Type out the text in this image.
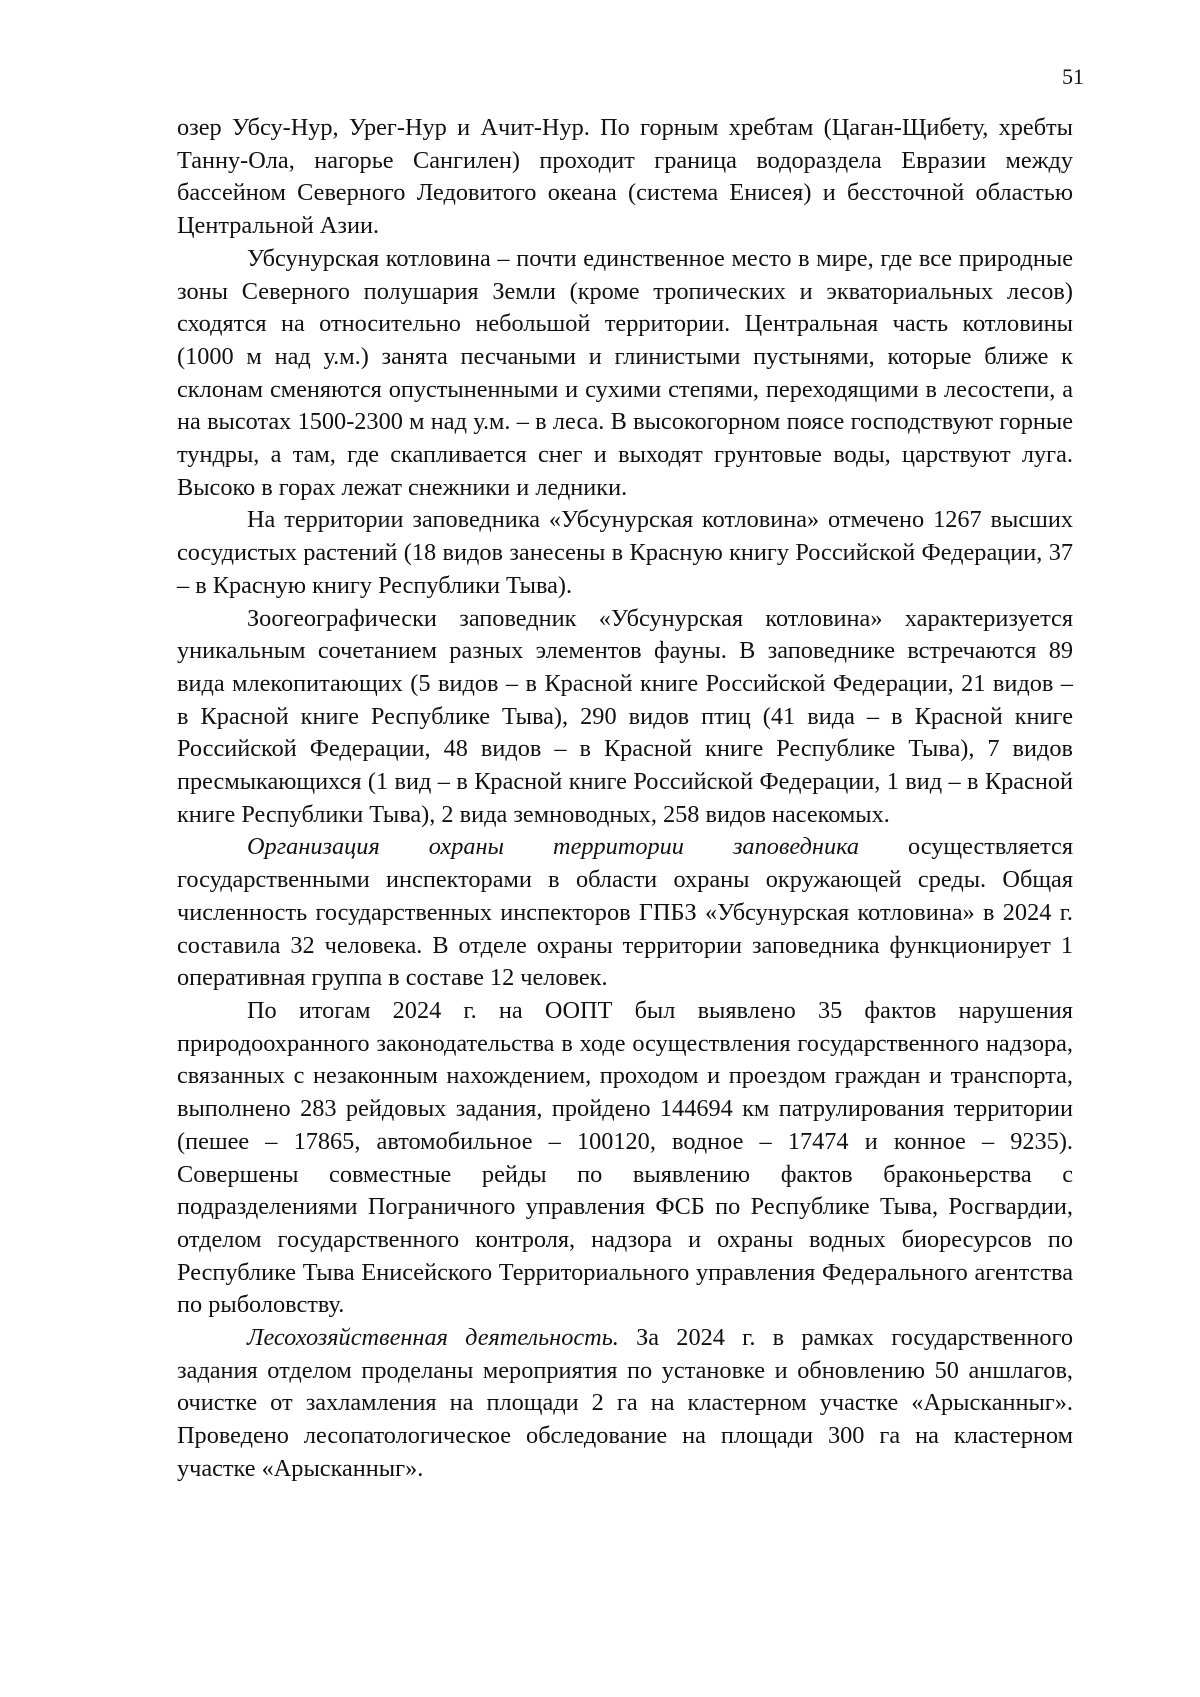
51

озер Убсу-Нур, Урег-Нур и Ачит-Нур. По горным хребтам (Цаган-Щибету, хребты Танну-Ола, нагорье Сангилен) проходит граница водораздела Евразии между бассейном Северного Ледовитого океана (система Енисея) и бессточной областью Центральной Азии.

Убсунурская котловина – почти единственное место в мире, где все природные зоны Северного полушария Земли (кроме тропических и экваториальных лесов) сходятся на относительно небольшой территории. Центральная часть котловины (1000 м над у.м.) занята песчаными и глинистыми пустынями, которые ближе к склонам сменяются опустыненными и сухими степями, переходящими в лесостепи, а на высотах 1500-2300 м над у.м. – в леса. В высокогорном поясе господствуют горные тундры, а там, где скапливается снег и выходят грунтовые воды, царствуют луга. Высоко в горах лежат снежники и ледники.

На территории заповедника «Убсунурская котловина» отмечено 1267 высших сосудистых растений (18 видов занесены в Красную книгу Российской Федерации, 37 – в Красную книгу Республики Тыва).

Зоогеографически заповедник «Убсунурская котловина» характеризуется уникальным сочетанием разных элементов фауны. В заповеднике встречаются 89 вида млекопитающих (5 видов – в Красной книге Российской Федерации, 21 видов – в Красной книге Республике Тыва), 290 видов птиц (41 вида – в Красной книге Российской Федерации, 48 видов – в Красной книге Республике Тыва), 7 видов пресмыкающихся (1 вид – в Красной книге Российской Федерации, 1 вид – в Красной книге Республики Тыва), 2 вида земноводных, 258 видов насекомых.

Организация охраны территории заповедника осуществляется государственными инспекторами в области охраны окружающей среды. Общая численность государственных инспекторов ГПБЗ «Убсунурская котловина» в 2024 г. составила 32 человека. В отделе охраны территории заповедника функционирует 1 оперативная группа в составе 12 человек.

По итогам 2024 г. на ООПТ был выявлено 35 фактов нарушения природоохранного законодательства в ходе осуществления государственного надзора, связанных с незаконным нахождением, проходом и проездом граждан и транспорта, выполнено 283 рейдовых задания, пройдено 144694 км патрулирования территории (пешее – 17865, автомобильное – 100120, водное – 17474 и конное – 9235). Совершены совместные рейды по выявлению фактов браконьерства с подразделениями Пограничного управления ФСБ по Республике Тыва, Росгвардии, отделом государственного контроля, надзора и охраны водных биоресурсов по Республике Тыва Енисейского Территориального управления Федерального агентства по рыболовству.

Лесохозяйственная деятельность. За 2024 г. в рамках государственного задания отделом проделаны мероприятия по установке и обновлению 50 аншлагов, очистке от захламления на площади 2 га на кластерном участке «Арысканныг». Проведено лесопатологическое обследование на площади 300 га на кластерном участке «Арысканныг».
